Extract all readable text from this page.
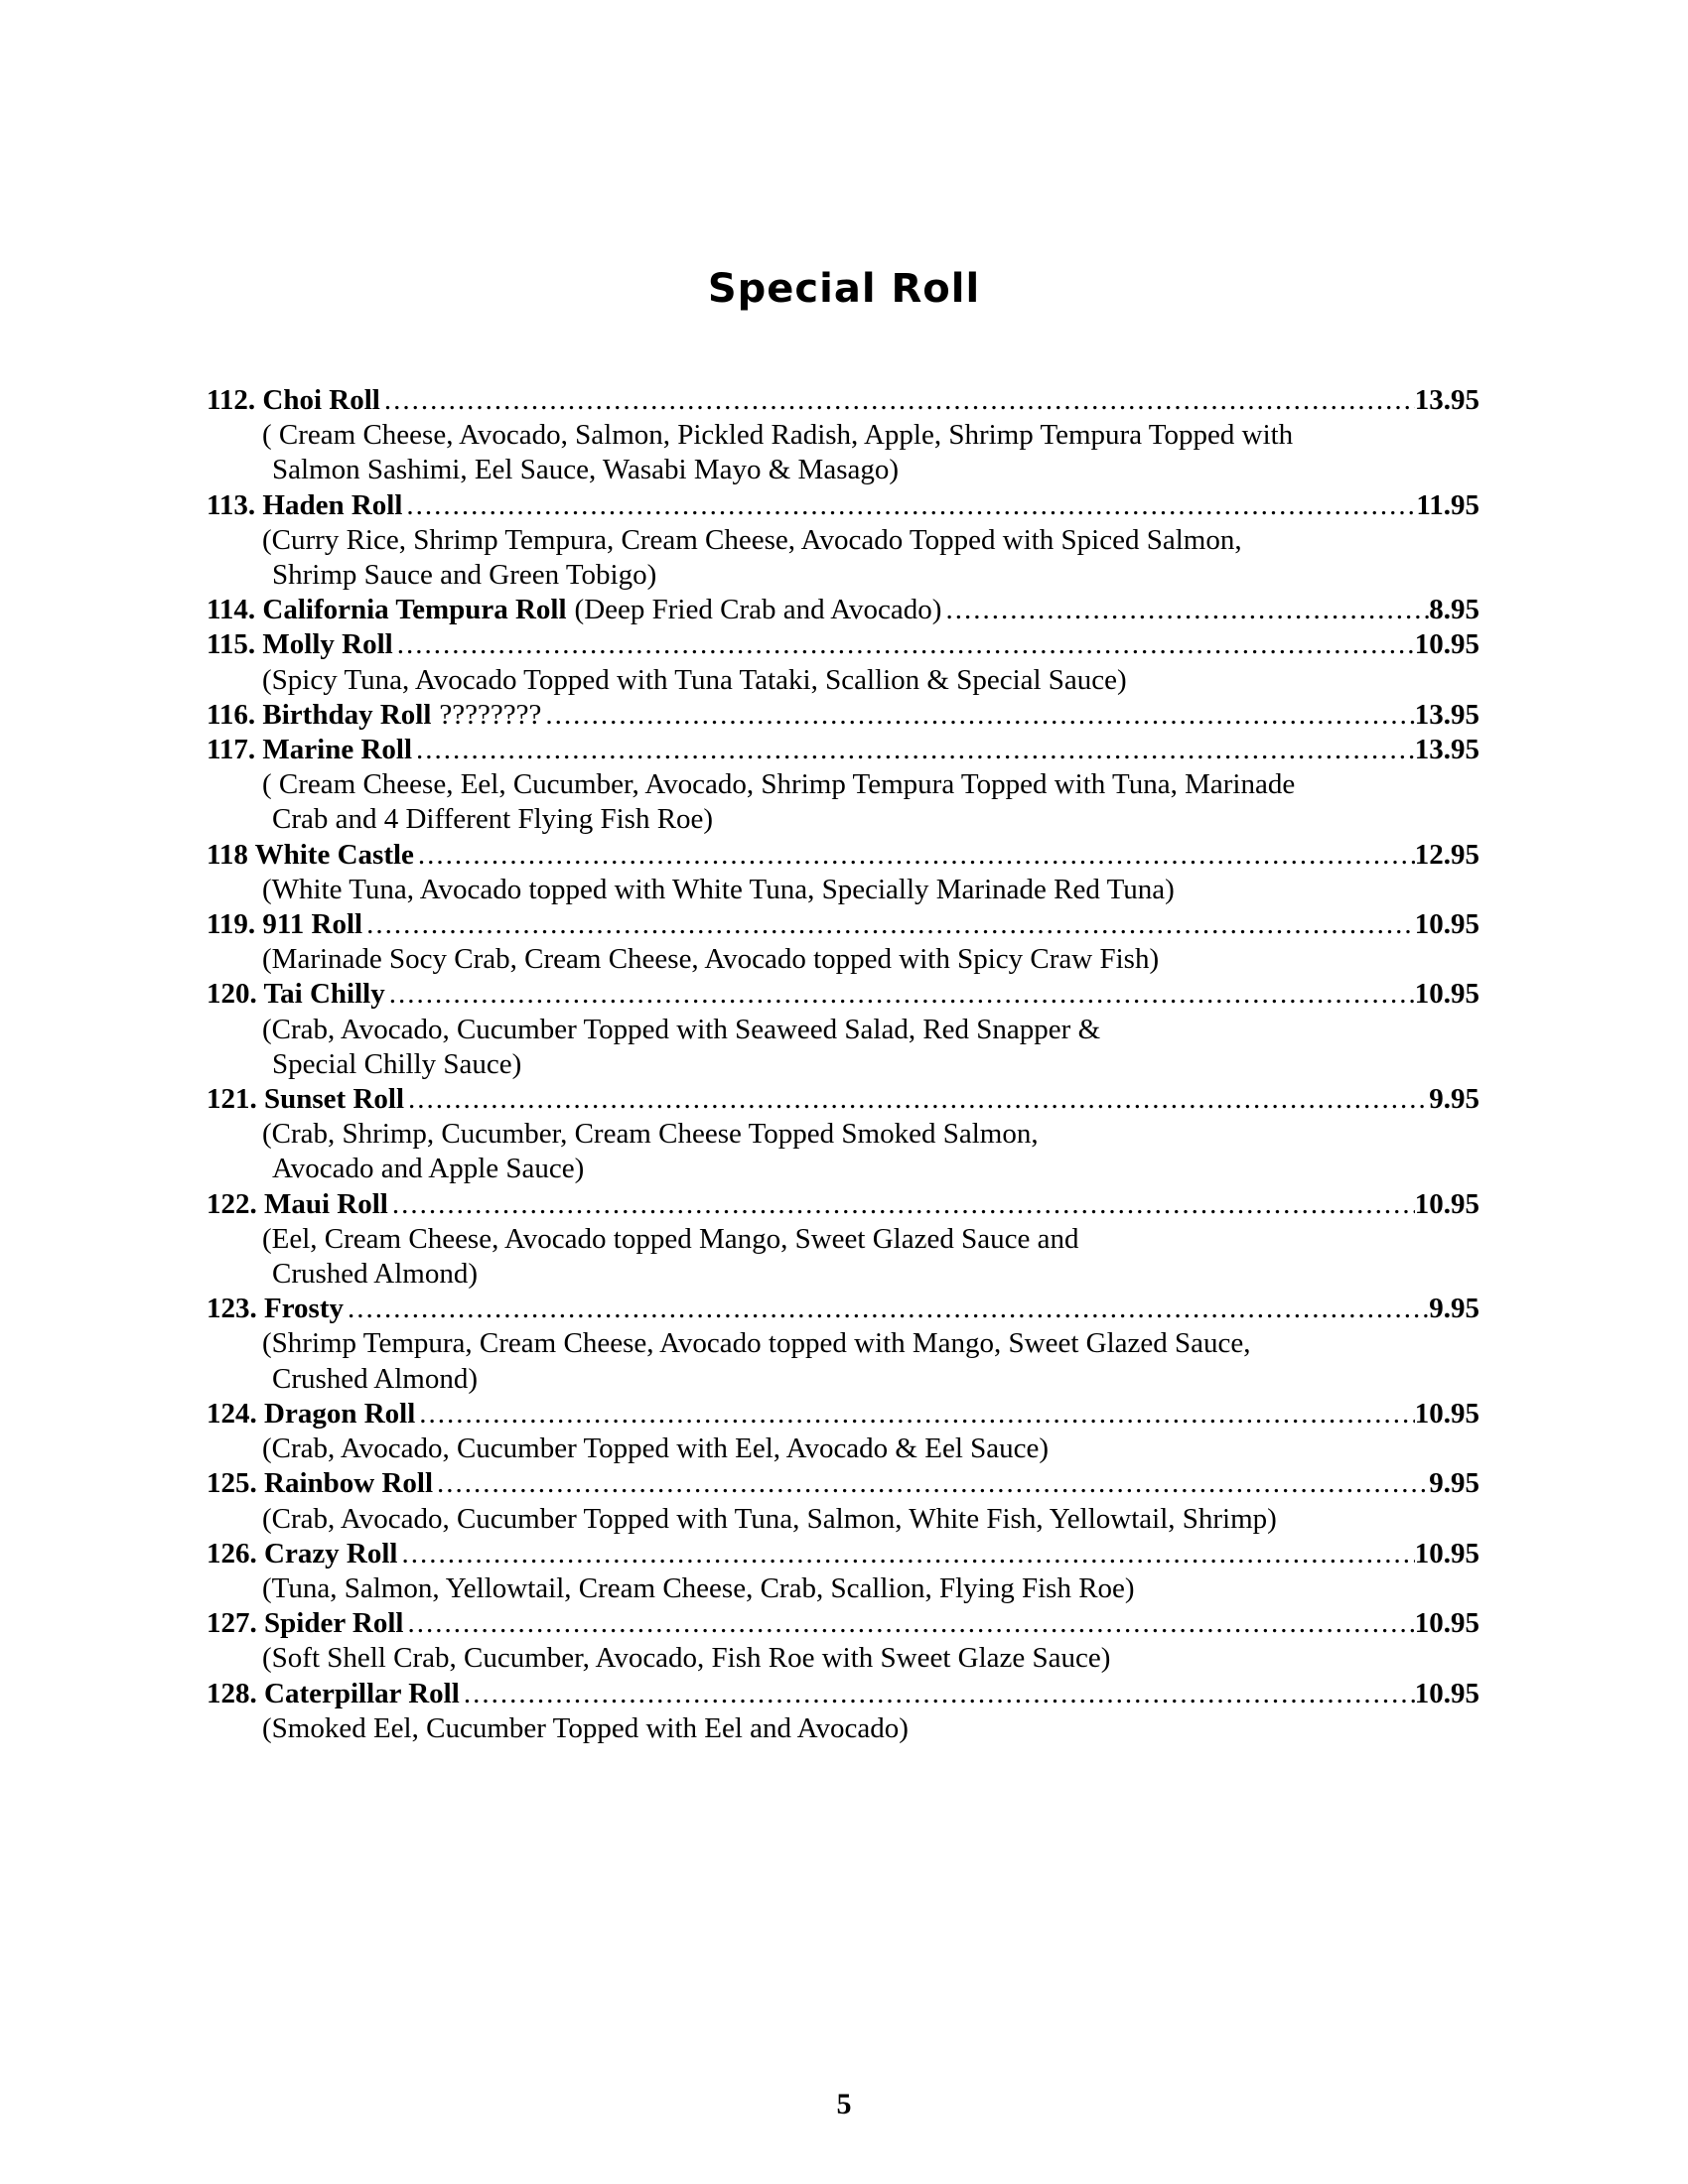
Special Roll
112. Choi Roll .....	13.95
( Cream Cheese, Avocado, Salmon, Pickled Radish, Apple, Shrimp Tempura Topped with
Salmon Sashimi, Eel Sauce, Wasabi Mayo & Masago)
113. Haden Roll .....	11.95
(Curry Rice, Shrimp Tempura, Cream Cheese, Avocado Topped with Spiced Salmon,
Shrimp Sauce and Green Tobigo)
114. California Tempura Roll (Deep Fried Crab and Avocado) .....	8.95
115. Molly Roll .....	10.95
(Spicy Tuna, Avocado Topped with Tuna Tataki, Scallion & Special Sauce)
116. Birthday Roll ???????? .....	13.95
117. Marine Roll .....	13.95
( Cream Cheese, Eel, Cucumber, Avocado, Shrimp Tempura Topped with Tuna, Marinade
Crab and 4 Different Flying Fish Roe)
118 White Castle .....	12.95
(White Tuna, Avocado topped with White Tuna, Specially Marinade Red Tuna)
119. 911 Roll .....	10.95
(Marinade Socy Crab, Cream Cheese, Avocado topped with Spicy Craw Fish)
120. Tai Chilly .....	10.95
(Crab, Avocado, Cucumber Topped with Seaweed Salad, Red Snapper &
Special Chilly Sauce)
121. Sunset Roll .....	9.95
(Crab, Shrimp, Cucumber, Cream Cheese Topped Smoked Salmon,
Avocado and Apple Sauce)
122. Maui Roll .....	10.95
(Eel, Cream Cheese, Avocado topped Mango, Sweet Glazed Sauce and
Crushed Almond)
123. Frosty .....	9.95
(Shrimp Tempura, Cream Cheese, Avocado topped with Mango, Sweet Glazed Sauce,
Crushed Almond)
124. Dragon Roll .....	10.95
(Crab, Avocado, Cucumber Topped with Eel, Avocado & Eel Sauce)
125. Rainbow Roll .....	9.95
(Crab, Avocado, Cucumber Topped with Tuna, Salmon, White Fish, Yellowtail, Shrimp)
126. Crazy Roll .....	10.95
(Tuna, Salmon, Yellowtail, Cream Cheese, Crab, Scallion, Flying Fish Roe)
127. Spider Roll .....	10.95
(Soft Shell Crab, Cucumber, Avocado, Fish Roe with Sweet Glaze Sauce)
128. Caterpillar Roll .....	10.95
(Smoked Eel, Cucumber Topped with Eel and Avocado)
5
